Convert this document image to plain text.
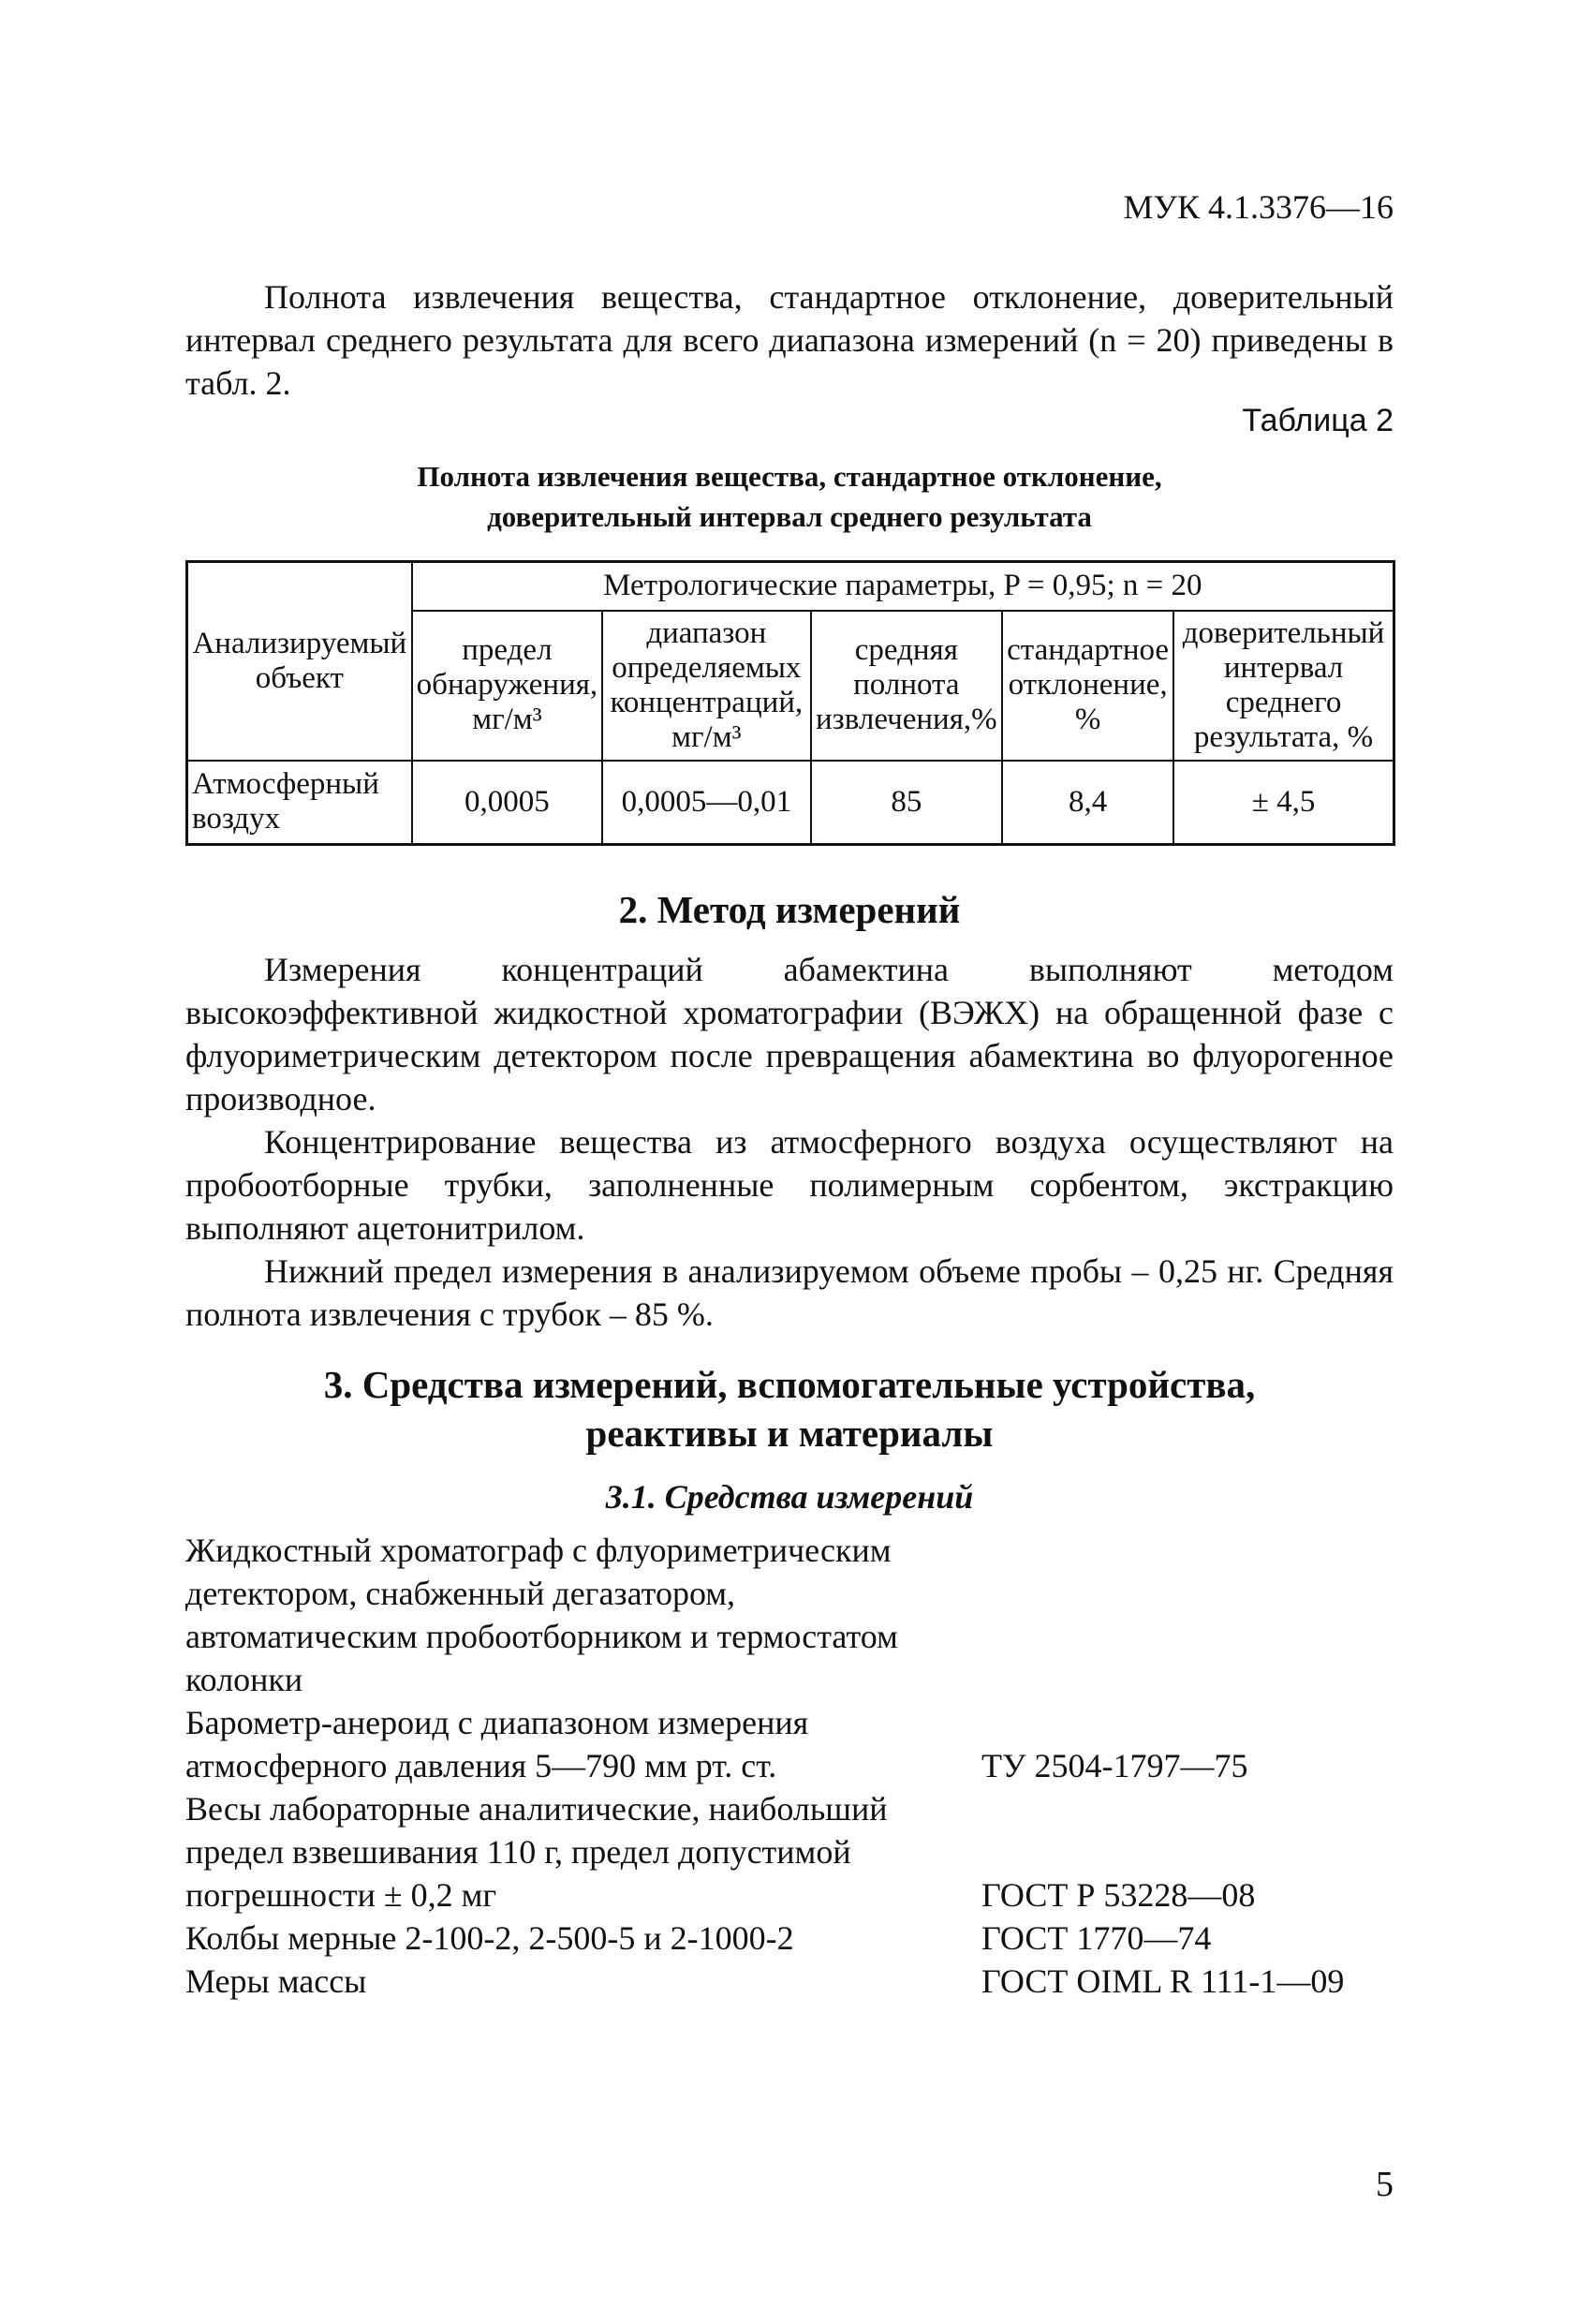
МУК 4.1.3376—16
Полнота извлечения вещества, стандартное отклонение, доверительный интервал среднего результата для всего диапазона измерений (n = 20) приведены в табл. 2.
Таблица 2
Полнота извлечения вещества, стандартное отклонение,
доверительный интервал среднего результата
Анализируемый объект	Метрологические параметры, P = 0,95; n = 20				
	предел обнаружения, мг/м³	диапазон определяемых концентраций, мг/м³	средняя полнота извлечения,%	стандартное отклонение, %	доверительный интервал среднего результата, %
Атмосферный воздух	0,0005	0,0005—0,01	85	8,4	± 4,5
2. Метод измерений
Измерения концентраций абамектина выполняют методом высокоэффективной жидкостной хроматографии (ВЭЖХ) на обращенной фазе с флуориметрическим детектором после превращения абамектина во флуорогенное производное.
Концентрирование вещества из атмосферного воздуха осуществляют на пробоотборные трубки, заполненные полимерным сорбентом, экстракцию выполняют ацетонитрилом.
Нижний предел измерения в анализируемом объеме пробы – 0,25 нг. Средняя полнота извлечения с трубок – 85 %.
3. Средства измерений, вспомогательные устройства,
реактивы и материалы
3.1. Средства измерений
Жидкостный хроматограф с флуориметрическим детектором, снабженный дегазатором, автоматическим пробоотборником и термостатом колонки
Барометр-анероид с диапазоном измерения атмосферного давления 5—790 мм рт. ст.	ТУ 2504-1797—75
Весы лабораторные аналитические, наибольший предел взвешивания 110 г, предел допустимой погрешности ± 0,2 мг	ГОСТ Р 53228—08
Колбы мерные 2-100-2, 2-500-5 и 2-1000-2	ГОСТ 1770—74
Меры массы	ГОСТ OIML R 111-1—09
5
